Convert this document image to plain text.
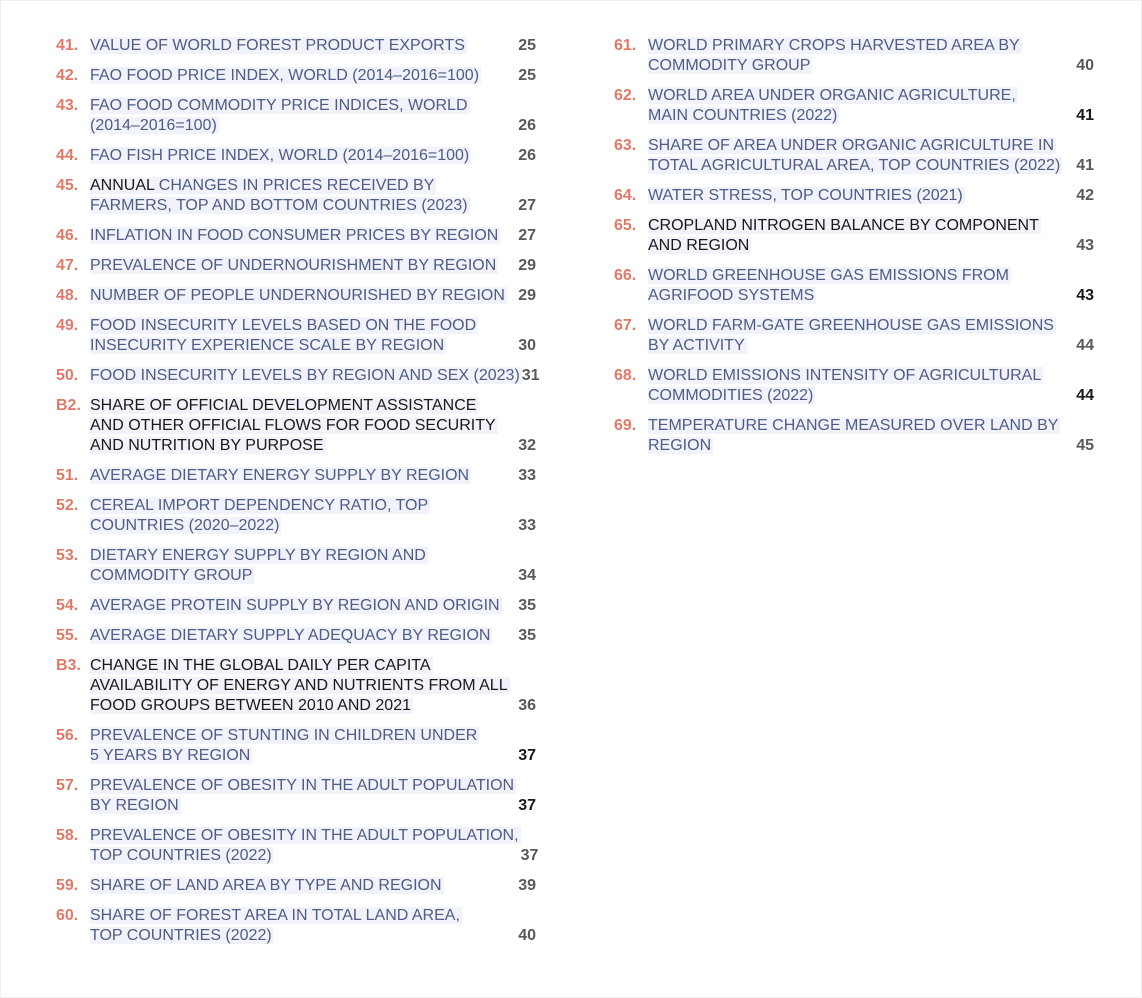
41. VALUE OF WORLD FOREST PRODUCT EXPORTS	25
42. FAO FOOD PRICE INDEX, WORLD (2014–2016=100)	25
43. FAO FOOD COMMODITY PRICE INDICES, WORLD
(2014–2016=100)	26
44. FAO FISH PRICE INDEX, WORLD (2014–2016=100)	26
45. ANNUAL CHANGES IN PRICES RECEIVED BY
FARMERS, TOP AND BOTTOM COUNTRIES (2023)	27
46. INFLATION IN FOOD CONSUMER PRICES BY REGION	27
47. PREVALENCE OF UNDERNOURISHMENT BY REGION	29
48. NUMBER OF PEOPLE UNDERNOURISHED BY REGION 29
49. FOOD INSECURITY LEVELS BASED ON THE FOOD
INSECURITY EXPERIENCE SCALE BY REGION	30
50. FOOD INSECURITY LEVELS BY REGION AND SEX (2023) 31
B2. SHARE OF OFFICIAL DEVELOPMENT ASSISTANCE
AND OTHER OFFICIAL FLOWS FOR FOOD SECURITY
AND NUTRITION BY PURPOSE	32
51. AVERAGE DIETARY ENERGY SUPPLY BY REGION	33
52. CEREAL IMPORT DEPENDENCY RATIO, TOP
COUNTRIES (2020–2022)	33
53. DIETARY ENERGY SUPPLY BY REGION AND
COMMODITY GROUP	34
54. AVERAGE PROTEIN SUPPLY BY REGION AND ORIGIN	35
55. AVERAGE DIETARY SUPPLY ADEQUACY BY REGION	35
B3. CHANGE IN THE GLOBAL DAILY PER CAPITA
AVAILABILITY OF ENERGY AND NUTRIENTS FROM ALL
FOOD GROUPS BETWEEN 2010 AND 2021	36
56. PREVALENCE OF STUNTING IN CHILDREN UNDER
5 YEARS BY REGION	37
57. PREVALENCE OF OBESITY IN THE ADULT POPULATION
BY REGION	37
58. PREVALENCE OF OBESITY IN THE ADULT POPULATION,
TOP COUNTRIES (2022)	37
59. SHARE OF LAND AREA BY TYPE AND REGION	39
60. SHARE OF FOREST AREA IN TOTAL LAND AREA,
TOP COUNTRIES (2022)	40
61. WORLD PRIMARY CROPS HARVESTED AREA BY
COMMODITY GROUP	40
62. WORLD AREA UNDER ORGANIC AGRICULTURE,
MAIN COUNTRIES (2022)	41
63. SHARE OF AREA UNDER ORGANIC AGRICULTURE IN
TOTAL AGRICULTURAL AREA, TOP COUNTRIES (2022) 41
64. WATER STRESS, TOP COUNTRIES (2021)	42
65. CROPLAND NITROGEN BALANCE BY COMPONENT
AND REGION	43
66. WORLD GREENHOUSE GAS EMISSIONS FROM
AGRIFOOD SYSTEMS	43
67. WORLD FARM-GATE GREENHOUSE GAS EMISSIONS
BY ACTIVITY	44
68. WORLD EMISSIONS INTENSITY OF AGRICULTURAL
COMMODITIES (2022)	44
69. TEMPERATURE CHANGE MEASURED OVER LAND BY
REGION	45
